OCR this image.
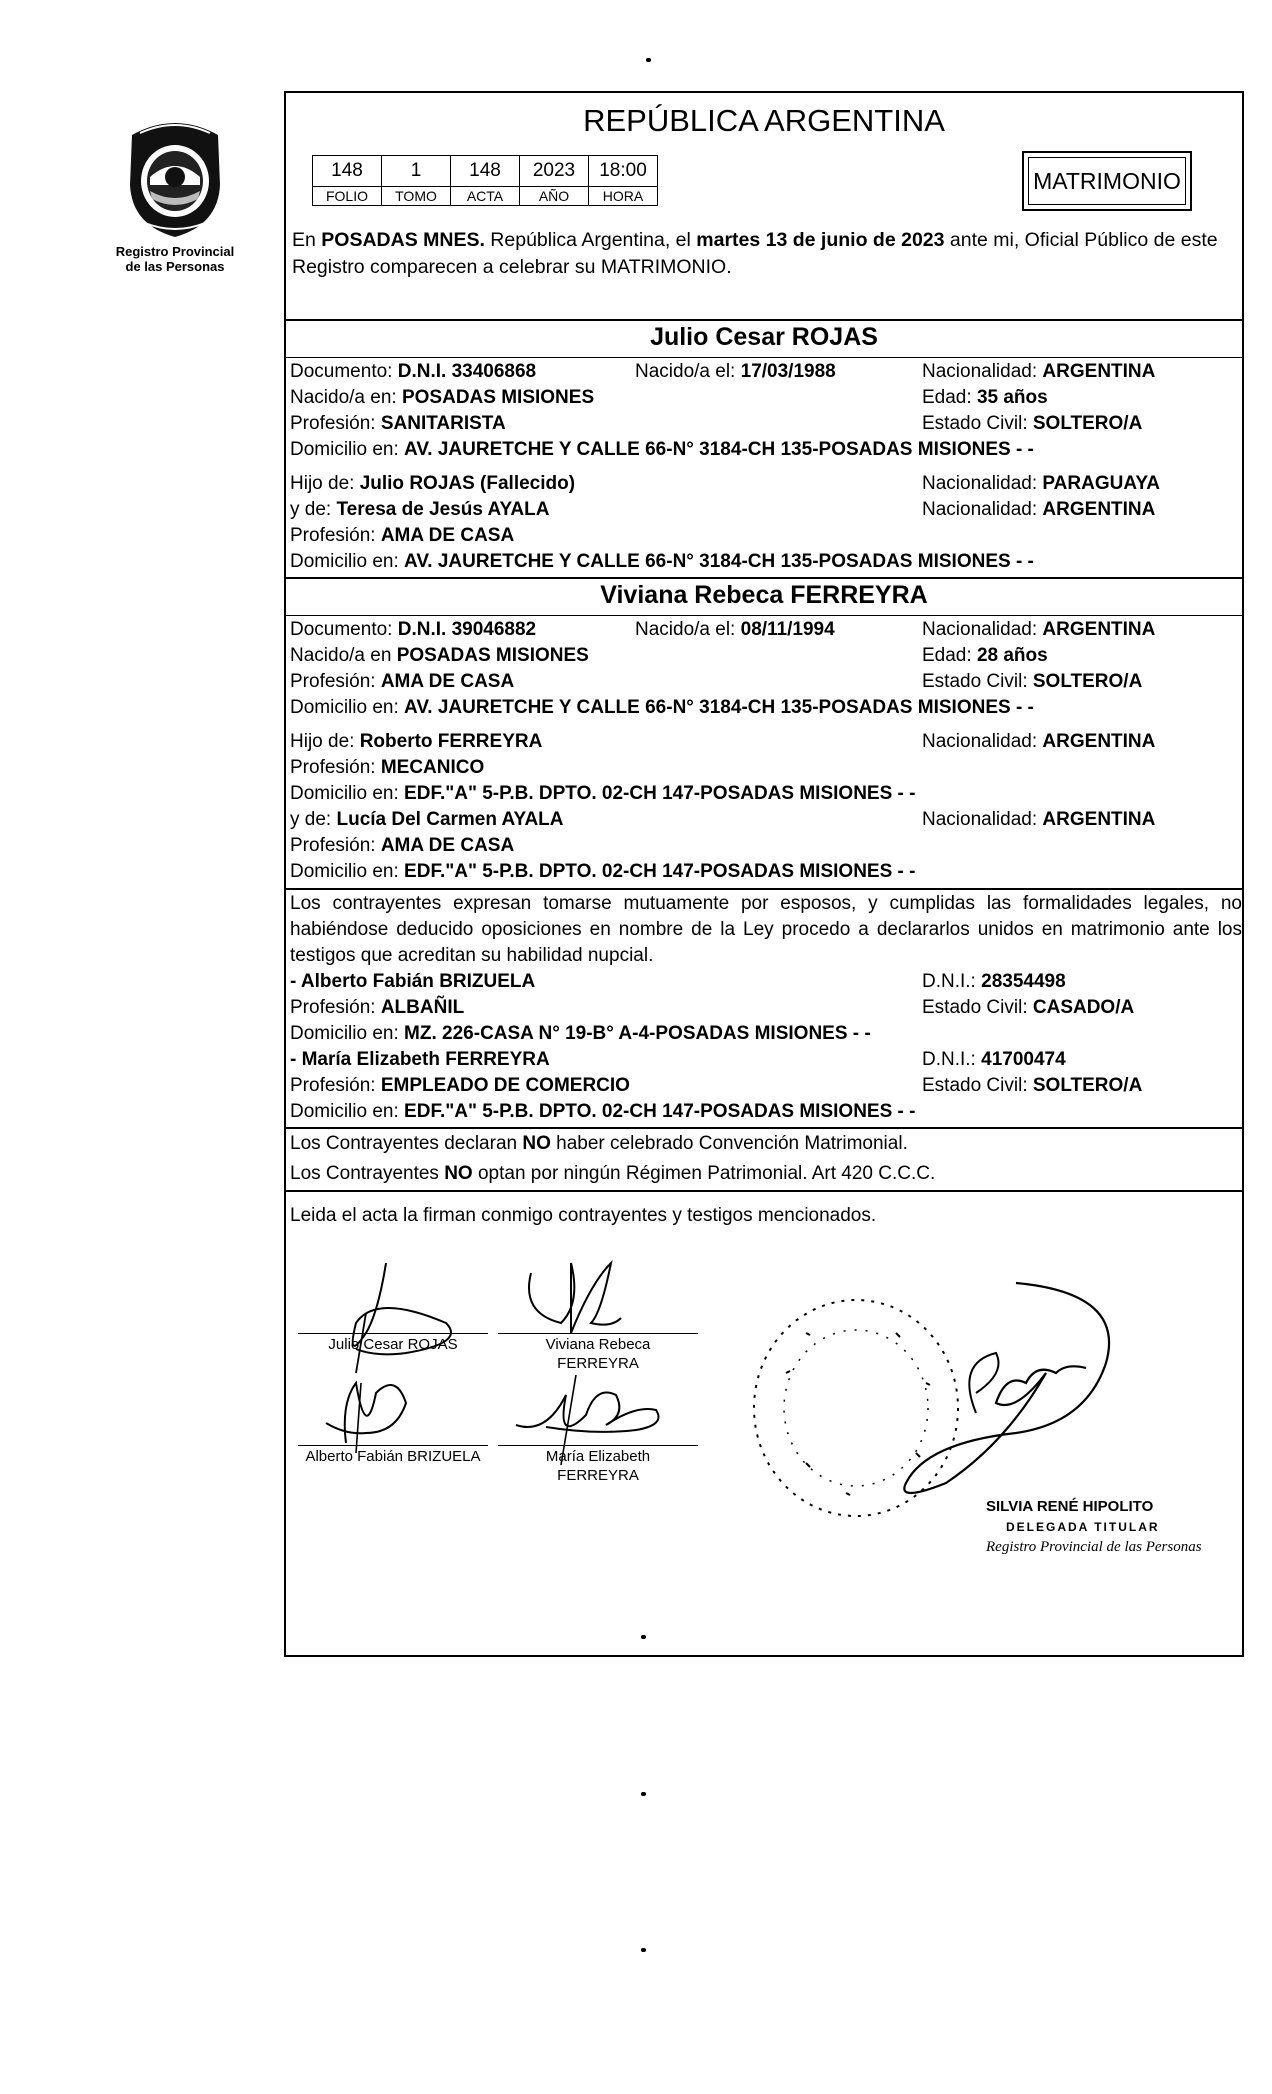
Registro Provincial
de las Personas
REPÚBLICA ARGENTINA
148	1	148	2023	18:00
FOLIO	TOMO	ACTA	AÑO	HORA
MATRIMONIO
En POSADAS MNES. República Argentina, el martes 13 de junio de 2023 ante mi, Oficial Público de este Registro comparecen a celebrar su MATRIMONIO.
Julio Cesar ROJAS
Documento: D.N.I. 33406868	Nacido/a el: 17/03/1988	Nacionalidad: ARGENTINA
Nacido/a en: POSADAS MISIONES	Edad: 35 años
Profesión: SANITARISTA	Estado Civil: SOLTERO/A
Domicilio en: AV. JAURETCHE Y CALLE 66-N° 3184-CH 135-POSADAS MISIONES - -
Hijo de: Julio ROJAS (Fallecido)	Nacionalidad: PARAGUAYA
y de: Teresa de Jesús AYALA	Nacionalidad: ARGENTINA
Profesión: AMA DE CASA
Domicilio en: AV. JAURETCHE Y CALLE 66-N° 3184-CH 135-POSADAS MISIONES - -
Viviana Rebeca FERREYRA
Documento: D.N.I. 39046882	Nacido/a el: 08/11/1994	Nacionalidad: ARGENTINA
Nacido/a en POSADAS MISIONES	Edad: 28 años
Profesión: AMA DE CASA	Estado Civil: SOLTERO/A
Domicilio en: AV. JAURETCHE Y CALLE 66-N° 3184-CH 135-POSADAS MISIONES - -
Hijo de: Roberto FERREYRA	Nacionalidad: ARGENTINA
Profesión: MECANICO
Domicilio en: EDF."A" 5-P.B. DPTO. 02-CH 147-POSADAS MISIONES - -
y de: Lucía Del Carmen AYALA	Nacionalidad: ARGENTINA
Profesión: AMA DE CASA
Domicilio en: EDF."A" 5-P.B. DPTO. 02-CH 147-POSADAS MISIONES - -
Los contrayentes expresan tomarse mutuamente por esposos, y cumplidas las formalidades legales, no habiéndose deducido oposiciones en nombre de la Ley procedo a declararlos unidos en matrimonio ante los testigos que acreditan su habilidad nupcial.
- Alberto Fabián BRIZUELA	D.N.I.: 28354498
Profesión: ALBAÑIL	Estado Civil: CASADO/A
Domicilio en: MZ. 226-CASA N° 19-B° A-4-POSADAS MISIONES - -
- María Elizabeth FERREYRA	D.N.I.: 41700474
Profesión: EMPLEADO DE COMERCIO	Estado Civil: SOLTERO/A
Domicilio en: EDF."A" 5-P.B. DPTO. 02-CH 147-POSADAS MISIONES - -
Los Contrayentes declaran NO haber celebrado Convención Matrimonial.
Los Contrayentes NO optan por ningún Régimen Patrimonial. Art 420 C.C.C.
Leida el acta la firman conmigo contrayentes y testigos mencionados.
Julio Cesar ROJAS	Viviana Rebeca
FERREYRA
Alberto Fabián BRIZUELA	María Elizabeth
FERREYRA
SILVIA RENÉ HIPOLITO
DELEGADA TITULAR
Registro Provincial de las Personas
